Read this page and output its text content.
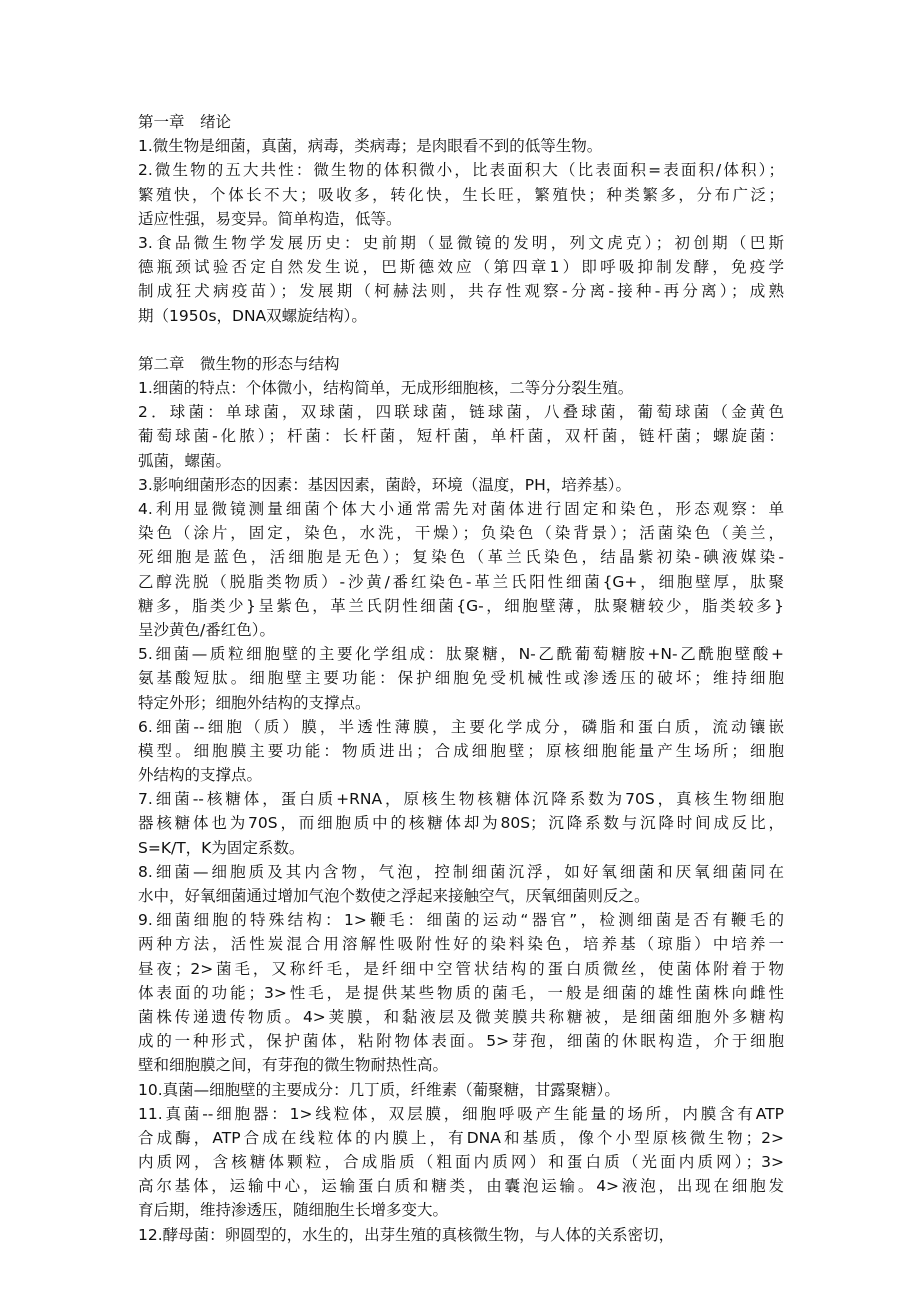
第一章　绪论
1.微生物是细菌，真菌，病毒，类病毒；是肉眼看不到的低等生物。
2.微生物的五大共性：微生物的体积微小，比表面积大（比表面积=表面积/体积）；
繁殖快，个体长不大；吸收多，转化快，生长旺，繁殖快；种类繁多，分布广泛；
适应性强，易变异。简单构造，低等。
3.食品微生物学发展历史：史前期（显微镜的发明，列文虎克）；初创期（巴斯
德瓶颈试验否定自然发生说，巴斯德效应（第四章1）即呼吸抑制发酵，免疫学
制成狂犬病疫苗）；发展期（柯赫法则，共存性观察-分离-接种-再分离）；成熟
期（1950s，DNA双螺旋结构）。
第二章　微生物的形态与结构
1.细菌的特点：个体微小，结构简单，无成形细胞核，二等分分裂生殖。
2．球菌：单球菌，双球菌，四联球菌，链球菌，八叠球菌，葡萄球菌（金黄色
葡萄球菌-化脓）；杆菌：长杆菌，短杆菌，单杆菌，双杆菌，链杆菌；螺旋菌：
弧菌，螺菌。
3.影响细菌形态的因素：基因因素，菌龄，环境（温度，PH，培养基）。
4.利用显微镜测量细菌个体大小通常需先对菌体进行固定和染色，形态观察：单
染色（涂片，固定，染色，水洗，干燥）；负染色（染背景）；活菌染色（美兰，
死细胞是蓝色，活细胞是无色）；复染色（革兰氏染色，结晶紫初染-碘液媒染-
乙醇洗脱（脱脂类物质）-沙黄/番红染色-革兰氏阳性细菌{G+，细胞壁厚，肽聚
糖多，脂类少}呈紫色，革兰氏阴性细菌{G-，细胞壁薄，肽聚糖较少，脂类较多}
呈沙黄色/番红色）。
5.细菌—质粒细胞壁的主要化学组成：肽聚糖，N-乙酰葡萄糖胺+N-乙酰胞壁酸+
氨基酸短肽。细胞壁主要功能：保护细胞免受机械性或渗透压的破坏；维持细胞
特定外形；细胞外结构的支撑点。
6.细菌--细胞（质）膜，半透性薄膜，主要化学成分，磷脂和蛋白质，流动镶嵌
模型。细胞膜主要功能：物质进出；合成细胞壁；原核细胞能量产生场所；细胞
外结构的支撑点。
7.细菌--核糖体，蛋白质+RNA，原核生物核糖体沉降系数为70S，真核生物细胞
器核糖体也为70S，而细胞质中的核糖体却为80S；沉降系数与沉降时间成反比，
S=K/T，K为固定系数。
8.细菌—细胞质及其内含物，气泡，控制细菌沉浮，如好氧细菌和厌氧细菌同在
水中，好氧细菌通过增加气泡个数使之浮起来接触空气，厌氧细菌则反之。
9.细菌细胞的特殊结构：1>鞭毛：细菌的运动“器官”，检测细菌是否有鞭毛的
两种方法，活性炭混合用溶解性吸附性好的染料染色，培养基（琼脂）中培养一
昼夜；2>菌毛，又称纤毛，是纤细中空管状结构的蛋白质微丝，使菌体附着于物
体表面的功能；3>性毛，是提供某些物质的菌毛，一般是细菌的雄性菌株向雌性
菌株传递遗传物质。4>荚膜，和黏液层及微荚膜共称糖被，是细菌细胞外多糖构
成的一种形式，保护菌体，粘附物体表面。5>芽孢，细菌的休眠构造，介于细胞
壁和细胞膜之间，有芽孢的微生物耐热性高。
10.真菌—细胞壁的主要成分：几丁质，纤维素（葡聚糖，甘露聚糖）。
11.真菌--细胞器：1>线粒体，双层膜，细胞呼吸产生能量的场所，内膜含有ATP
合成酶，ATP合成在线粒体的内膜上，有DNA和基质，像个小型原核微生物；2>
内质网，含核糖体颗粒，合成脂质（粗面内质网）和蛋白质（光面内质网）；3>
高尔基体，运输中心，运输蛋白质和糖类，由囊泡运输。4>液泡，出现在细胞发
育后期，维持渗透压，随细胞生长增多变大。
12.酵母菌：卵圆型的，水生的，出芽生殖的真核微生物，与人体的关系密切，
